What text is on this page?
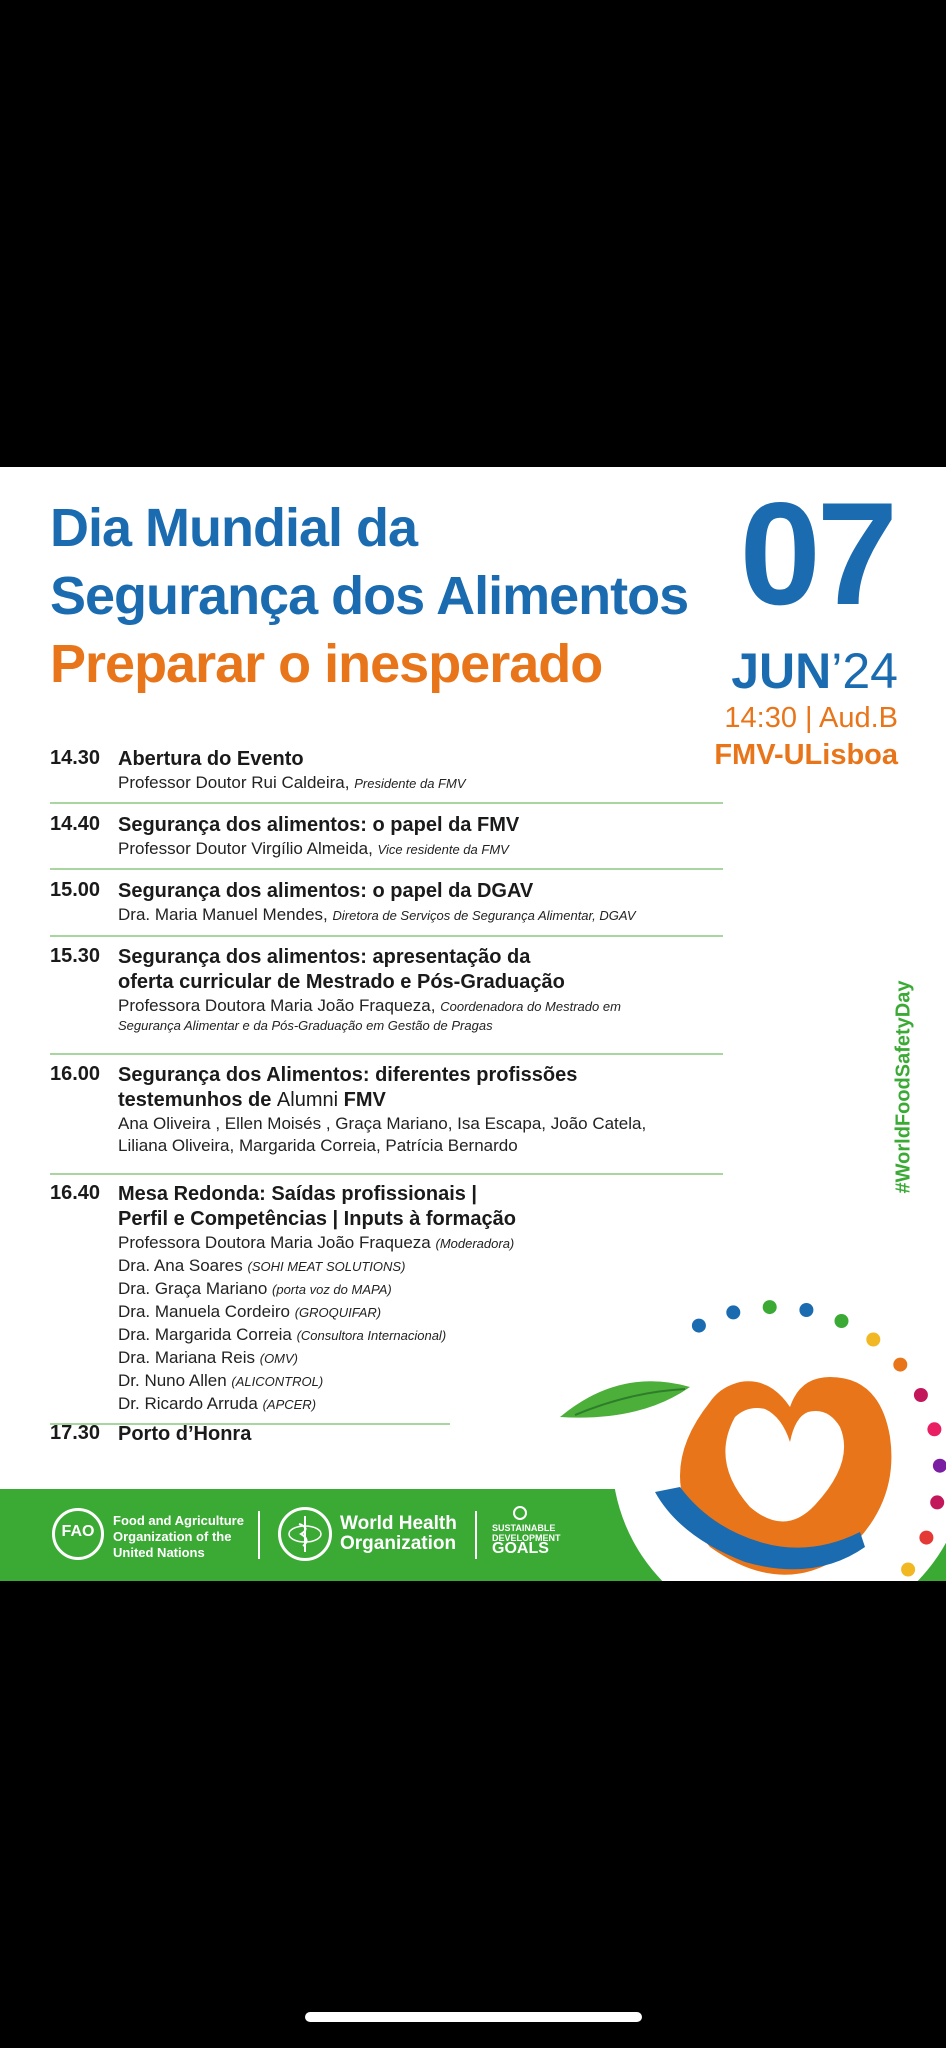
Dia Mundial da
Segurança dos Alimentos
Preparar o inesperado
07
JUN’24
14:30 | Aud.B
FMV-ULisboa
#WorldFoodSafetyDay
14.30 Abertura do Evento
Professor Doutor Rui Caldeira, Presidente da FMV
14.40 Segurança dos alimentos: o papel da FMV
Professor Doutor Virgílio Almeida, Vice residente da FMV
15.00 Segurança dos alimentos: o papel da DGAV
Dra. Maria Manuel Mendes, Diretora de Serviços de Segurança Alimentar, DGAV
15.30 Segurança dos alimentos: apresentação da
oferta curricular de Mestrado e Pós-Graduação
Professora Doutora Maria João Fraqueza, Coordenadora do Mestrado em
Segurança Alimentar e da Pós-Graduação em Gestão de Pragas
16.00 Segurança dos Alimentos: diferentes profissões
testemunhos de Alumni FMV
Ana Oliveira , Ellen Moisés , Graça Mariano, Isa Escapa, João Catela,
Liliana Oliveira, Margarida Correia, Patrícia Bernardo
16.40 Mesa Redonda: Saídas profissionais |
Perfil e Competências | Inputs à formação
Professora Doutora Maria João Fraqueza (Moderadora)
Dra. Ana Soares (SOHI MEAT SOLUTIONS)
Dra. Graça Mariano (porta voz do MAPA)
Dra. Manuela Cordeiro (GROQUIFAR)
Dra. Margarida Correia (Consultora Internacional)
Dra. Mariana Reis (OMV)
Dr. Nuno Allen (ALICONTROL)
Dr. Ricardo Arruda (APCER)
17.30 Porto d’Honra
FAO
Food and Agriculture
Organization of the
United Nations
World Health
Organization
SUSTAINABLE
DEVELOPMENT
GOALS
